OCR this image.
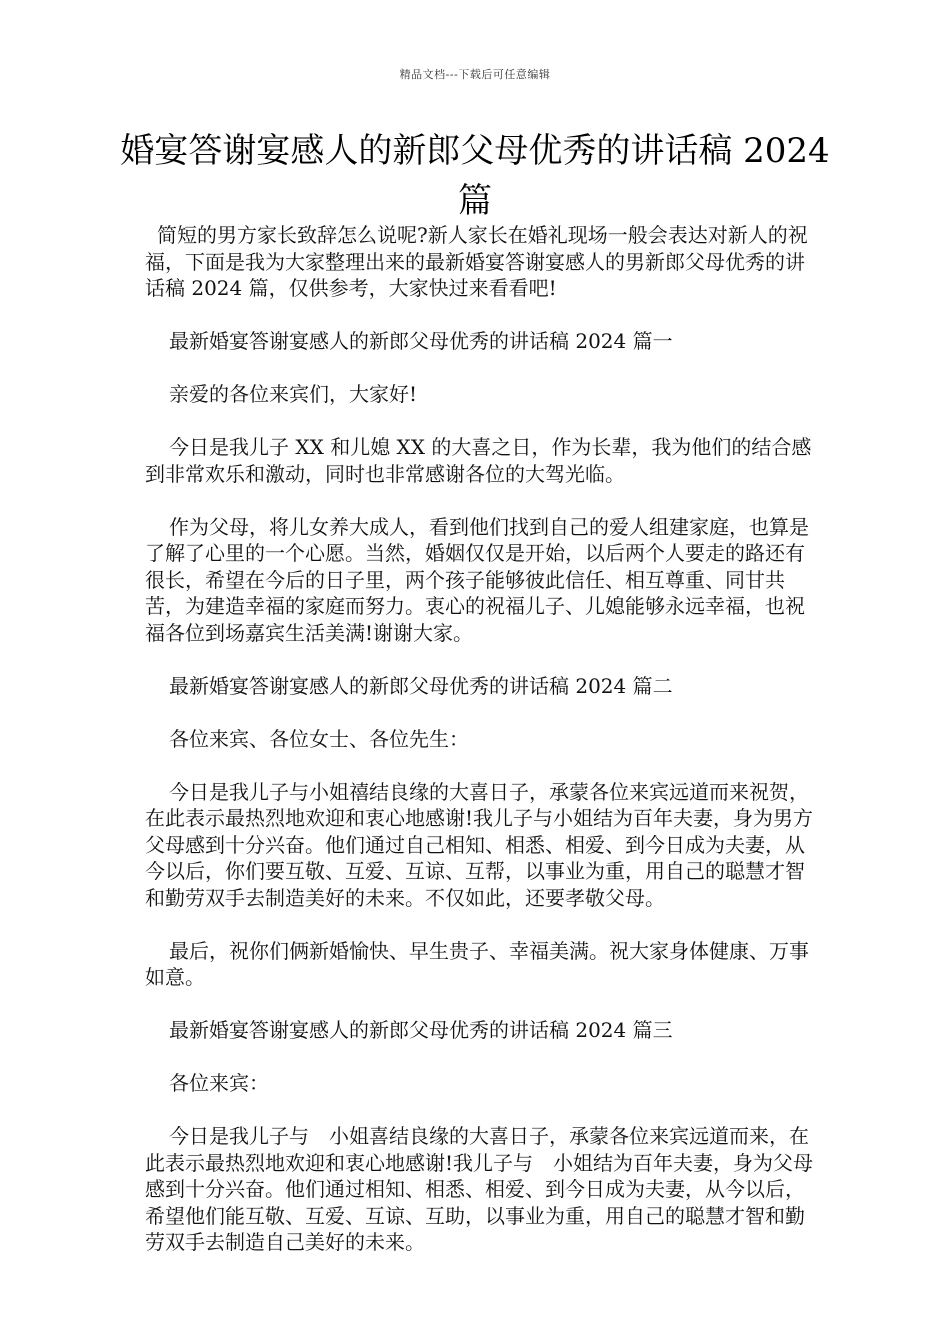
精品文档---下载后可任意编辑
婚宴答谢宴感人的新郎父母优秀的讲话稿 2024 篇

简短的男方家长致辞怎么说呢?新人家长在婚礼现场一般会表达对新人的祝福，下面是我为大家整理出来的最新婚宴答谢宴感人的男新郎父母优秀的讲话稿 2024 篇，仅供参考，大家快过来看看吧!

最新婚宴答谢宴感人的新郎父母优秀的讲话稿 2024 篇一

亲爱的各位来宾们，大家好!

今日是我儿子 XX 和儿媳 XX 的大喜之日，作为长辈，我为他们的结合感到非常欢乐和激动，同时也非常感谢各位的大驾光临。

作为父母，将儿女养大成人，看到他们找到自己的爱人组建家庭，也算是了解了心里的一个心愿。当然，婚姻仅仅是开始，以后两个人要走的路还有很长，希望在今后的日子里，两个孩子能够彼此信任、相互尊重、同甘共苦，为建造幸福的家庭而努力。衷心的祝福儿子、儿媳能够永远幸福，也祝福各位到场嘉宾生活美满!谢谢大家。

最新婚宴答谢宴感人的新郎父母优秀的讲话稿 2024 篇二

各位来宾、各位女士、各位先生：

今日是我儿子与小姐禧结良缘的大喜日子，承蒙各位来宾远道而来祝贺，在此表示最热烈地欢迎和衷心地感谢!我儿子与小姐结为百年夫妻，身为男方父母感到十分兴奋。他们通过自己相知、相悉、相爱、到今日成为夫妻，从今以后，你们要互敬、互爱、互谅、互帮，以事业为重，用自己的聪慧才智和勤劳双手去制造美好的未来。不仅如此，还要孝敬父母。

最后，祝你们俩新婚愉快、早生贵子、幸福美满。祝大家身体健康、万事如意。

最新婚宴答谢宴感人的新郎父母优秀的讲话稿 2024 篇三

各位来宾：

今日是我儿子与　小姐喜结良缘的大喜日子，承蒙各位来宾远道而来，在此表示最热烈地欢迎和衷心地感谢!我儿子与　小姐结为百年夫妻，身为父母感到十分兴奋。他们通过相知、相悉、相爱、到今日成为夫妻，从今以后，希望他们能互敬、互爱、互谅、互助，以事业为重，用自己的聪慧才智和勤劳双手去制造自己美好的未来。
